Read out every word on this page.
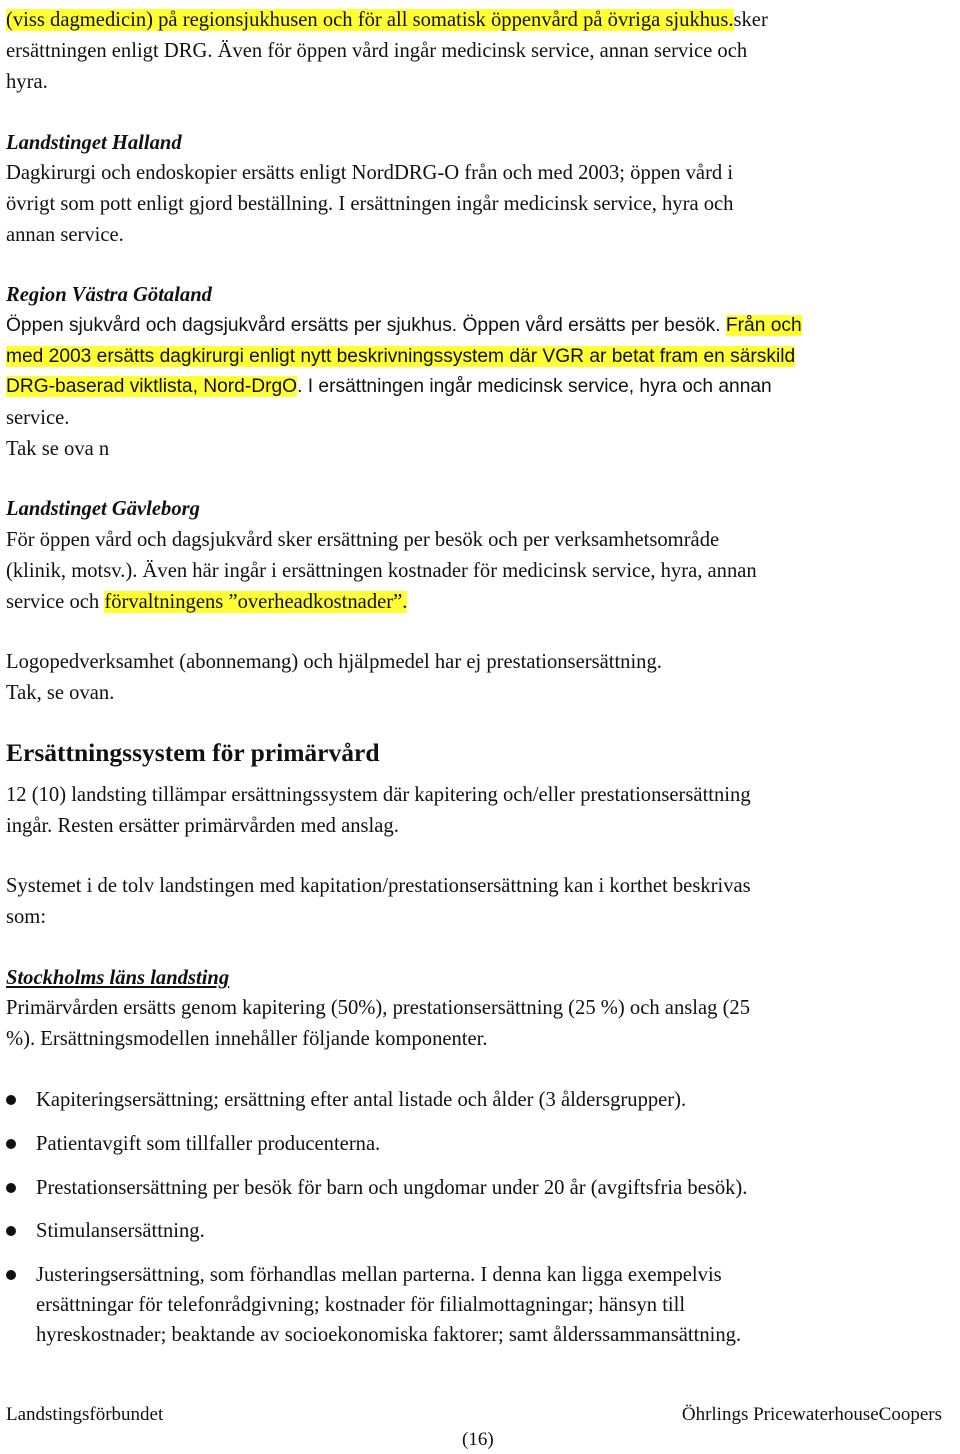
(viss dagmedicin) på regionsjukhusen och för all somatisk öppenvård på övriga sjukhus.sker
ersättningen enligt DRG. Även för öppen vård ingår medicinsk service, annan service och
hyra.
Landstinget Halland
Dagkirurgi och endoskopier ersätts enligt NordDRG-O från och med 2003; öppen vård i
övrigt som pott enligt gjord beställning. I ersättningen ingår medicinsk service, hyra och
annan service.
Region Västra Götaland
Öppen sjukvård och dagsjukvård ersätts per sjukhus. Öppen vård ersätts per besök. Från och
med 2003 ersätts dagkirurgi enligt nytt beskrivningssystem där VGR ar betat fram en särskild
DRG-baserad viktlista, Nord-DrgO. I ersättningen ingår medicinsk service, hyra och annan
service.
Tak se ova n
Landstinget Gävleborg
För öppen vård och dagsjukvård sker ersättning per besök och per verksamhetsområde
(klinik, motsv.). Även här ingår i ersättningen kostnader för medicinsk service, hyra, annan
service och förvaltningens ”overheadkostnader”.
Logopedverksamhet (abonnemang) och hjälpmedel har ej prestationsersättning.
Tak, se ovan.
Ersättningssystem för primärvård
12 (10) landsting tillämpar ersättningssystem där kapitering och/eller prestationsersättning
ingår. Resten ersätter primärvården med anslag.
Systemet i de tolv landstingen med kapitation/prestationsersättning kan i korthet beskrivas
som:
Stockholms läns landsting
Primärvården ersätts genom kapitering (50%), prestationsersättning (25 %) och anslag (25
%). Ersättningsmodellen innehåller följande komponenter.
Kapiteringsersättning; ersättning efter antal listade och ålder (3 åldersgrupper).
Patientavgift som tillfaller producenterna.
Prestationsersättning per besök för barn och ungdomar under 20 år (avgiftsfria besök).
Stimulansersättning.
Justeringsersättning, som förhandlas mellan parterna. I denna kan ligga exempelvis
ersättningar för telefonrådgivning; kostnader för filialmottagningar; hänsyn till
hyreskostnader; beaktande av socioekonomiska faktorer; samt ålderssammansättning.
Landstingsförbundet	Öhrlings PricewaterhouseCoopers
(16)
